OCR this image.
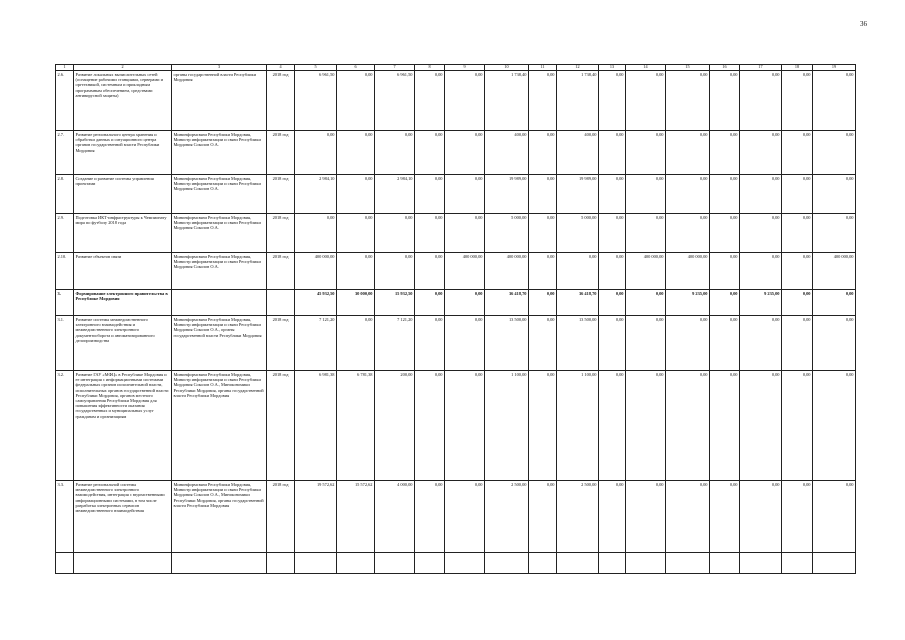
36
1	2	3	4	5	6	7	8	9	10	11	12	13	14	15	16	17	18	19
2.6.	Развитие локальных вычислительных сетей (оснащение рабочими станциями, серверами и оргтехникой, системным и прикладным программным обеспечением, средствами антивирусной защиты)	органы государственной власти Республики Мордовия	2018 год	6 961,50	0,00	6 961,50	0,00	0,00	1 738,40	0,00	1 738,40	0,00	0,00	0,00	0,00	0,00	0,00	0,00
2.7.	Развитие регионального центра хранения и обработки данных и ситуационного центра органов государственной власти Республики Мордовия	Мининформсвязи Республики Мордовия, Министр информатизации и связи Республики Мордовия Соколов О.А.	2018 год	0,00	0,00	0,00	0,00	0,00	400,00	0,00	400,00	0,00	0,00	0,00	0,00	0,00	0,00	0,00
2.8.	Создание и развитие системы управления проектами	Мининформсвязи Республики Мордовия, Министр информатизации и связи Республики Мордовия Соколов О.А.	2018 год	2 984,10	0,00	2 984,10	0,00	0,00	19 989,00	0,00	19 989,00	0,00	0,00	0,00	0,00	0,00	0,00	0,00
2.9.	Подготовка ИКТ-инфраструктуры к Чемпионату мира по футболу 2018 года	Мининформсвязи Республики Мордовия, Министр информатизации и связи Республики Мордовия Соколов О.А.	2018 год	0,00	0,00	0,00	0,00	0,00	5 000,00	0,00	5 000,00	0,00	0,00	0,00	0,00	0,00	0,00	0,00
2.10.	Развитие объектов связи	Мининформсвязи Республики Мордовия, Министр информатизации и связи Республики Мордовия Соколов О.А.	2018 год	400 000,00	0,00	0,00	0,00	400 000,00	400 000,00	0,00	0,00	0,00	400 000,00	400 000,00	0,00	0,00	0,00	400 000,00
3.	Формирование электронного правительства в Республике Мордовия			45 932,50	30 000,00	15 932,50	0,00	0,00	36 418,70	0,00	36 418,70	0,00	0,00	9 235,00	0,00	9 235,00	0,00	0,00
3.1.	Развитие системы межведомственного электронного взаимодействия и межведомственного электронного документооборота и автоматизированного делопроизводства	Мининформсвязи Республики Мордовия, Министр информатизации и связи Республики Мордовия Соколов О.А., органы государственной власти Республики Мордовия	2018 год	7 121,20	0,00	7 121,20	0,00	0,00	13 500,00	0,00	13 500,00	0,00	0,00	0,00	0,00	0,00	0,00	0,00
3.2.	Развитие ГАУ «МФЦ» в Республике Мордовия и ее интеграция с информационными системами федеральных органов исполнительной власти, исполнительных органов государственной власти Республики Мордовия, органов местного самоуправления Республики Мордовия для повышения эффективности оказания государственных и муниципальных услуг гражданам и организациям	Мининформсвязи Республики Мордовия, Министр информатизации и связи Республики Мордовия Соколов О.А., Минэкономики Республики Мордовия, органы государственной власти Республики Мордовия	2018 год	6 981,38	6 781,38	200,00	0,00	0,00	1 100,00	0,00	1 100,00	0,00	0,00	0,00	0,00	0,00	0,00	0,00
3.3.	Развитие региональной системы межведомственного электронного взаимодействия, интеграция с ведомственными информационными системами, в том числе разработка электронных сервисов межведомственного взаимодействия	Мининформсвязи Республики Мордовия, Министр информатизации и связи Республики Мордовия Соколов О.А., Минэкономики Республики Мордовия, органы государственной власти Республики Мордовия	2018 год	19 572,62	15 572,62	4 000,00	0,00	0,00	2 500,00	0,00	2 500,00	0,00	0,00	0,00	0,00	0,00	0,00	0,00
